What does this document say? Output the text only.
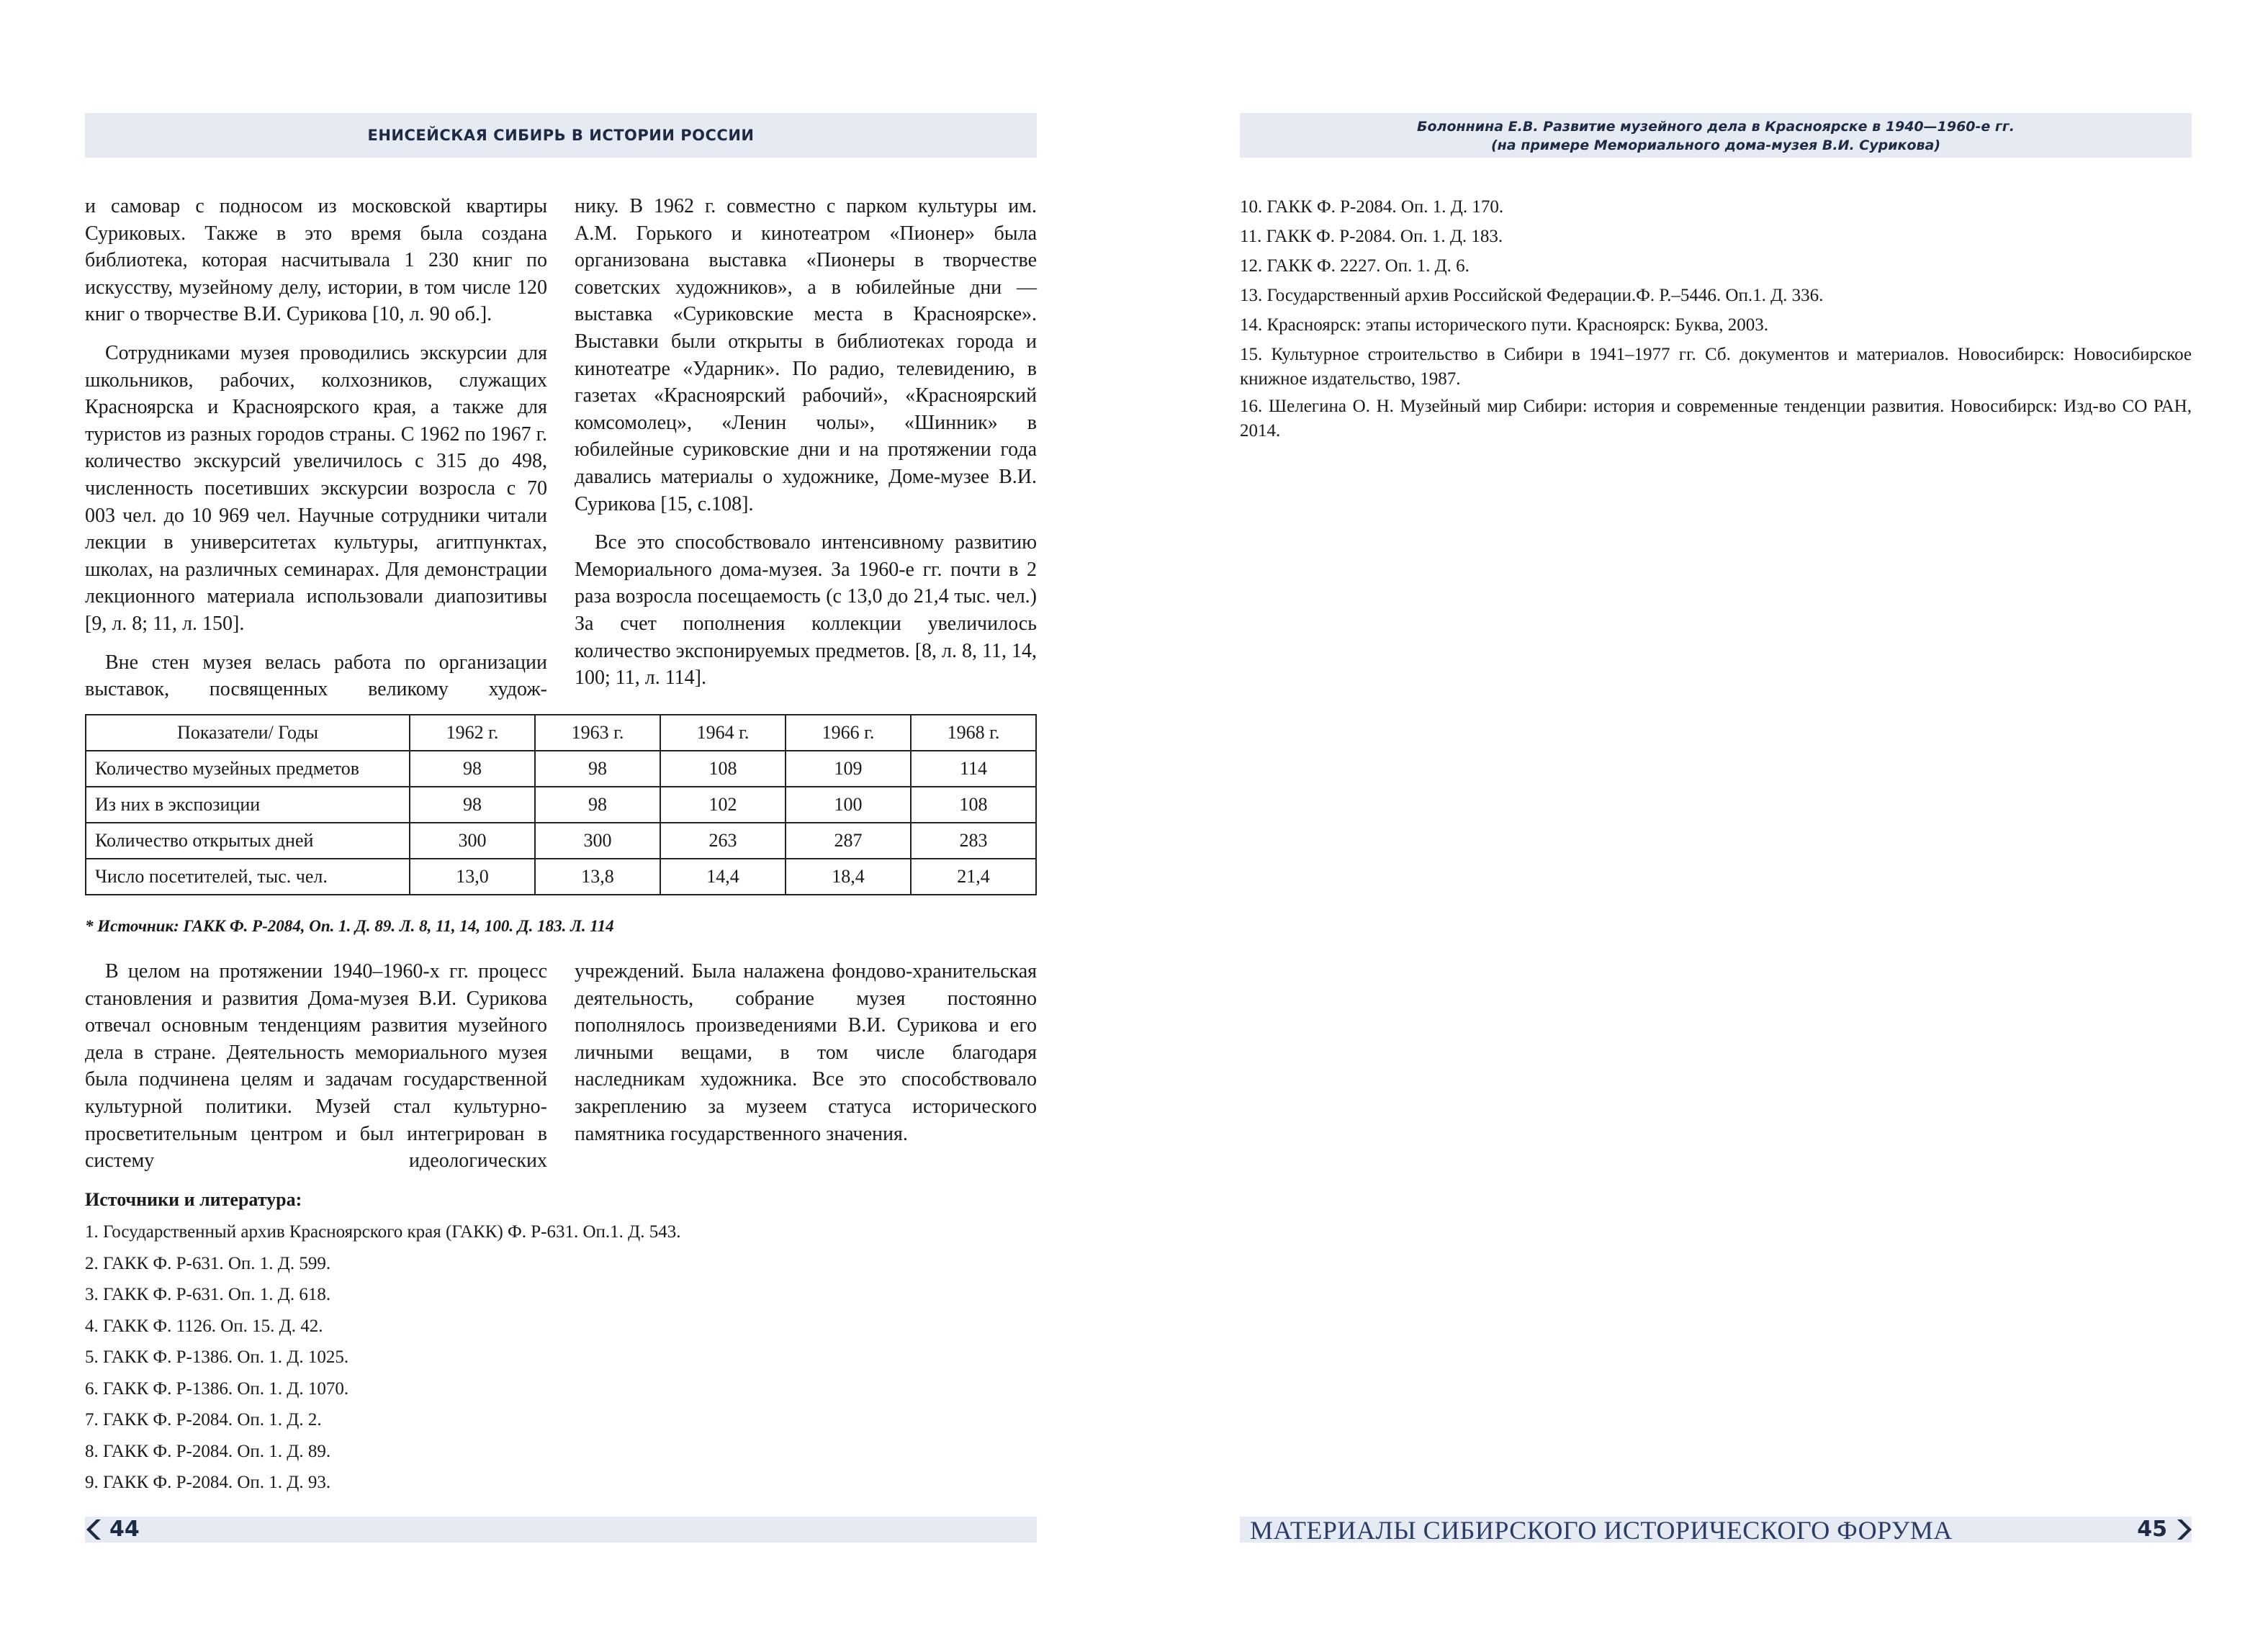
ЕНИСЕЙСКАЯ СИБИРЬ В ИСТОРИИ РОССИИ

и самовар с подносом из московской квартиры Суриковых. Также в это время была создана библиотека, которая насчитывала 1 230 книг по искусству, музейному делу, истории, в том числе 120 книг о творчестве В.И. Сурикова [10, л. 90 об.].

Сотрудниками музея проводились экскурсии для школьников, рабочих, колхозников, служащих Красноярска и Красноярского края, а также для туристов из разных городов страны. С 1962 по 1967 г. количество экскурсий увеличилось с 315 до 498, численность посетивших экскурсии возросла с 70 003 чел. до 10 969 чел. Научные сотрудники читали лекции в университетах культуры, агитпунктах, школах, на различных семинарах. Для демонстрации лекционного материала использовали диапозитивы [9, л. 8; 11, л. 150].

Вне стен музея велась работа по организации выставок, посвященных великому худож-

нику. В 1962 г. совместно с парком культуры им. А.М. Горького и кинотеатром «Пионер» была организована выставка «Пионеры в творчестве советских художников», а в юбилейные дни — выставка «Суриковские места в Красноярске». Выставки были открыты в библиотеках города и кинотеатре «Ударник». По радио, телевидению, в газетах «Красноярский рабочий», «Красноярский комсомолец», «Ленин чолы», «Шинник» в юбилейные суриковские дни и на протяжении года давались материалы о художнике, Доме-музее В.И. Сурикова [15, с.108].

Все это способствовало интенсивному развитию Мемориального дома-музея. За 1960-е гг. почти в 2 раза возросла посещаемость (с 13,0 до 21,4 тыс. чел.) За счет пополнения коллекции увеличилось количество экспонируемых предметов. [8, л. 8, 11, 14, 100; 11, л. 114].

Показатели/ Годы	1962 г.	1963 г.	1964 г.	1966 г.	1968 г.
Количество музейных предметов	98	98	108	109	114
Из них в экспозиции	98	98	102	100	108
Количество открытых дней	300	300	263	287	283
Число посетителей, тыс. чел.	13,0	13,8	14,4	18,4	21,4
* Источник: ГАКК Ф. Р-2084, Оп. 1. Д. 89. Л. 8, 11, 14, 100. Д. 183. Л. 114

В целом на протяжении 1940–1960-х гг. процесс становления и развития Дома-музея В.И. Сурикова отвечал основным тенденциям развития музейного дела в стране. Деятельность мемориального музея была подчинена целям и задачам государственной культурной политики. Музей стал культурно-просветительным центром и был интегрирован в систему идеологических

учреждений. Была налажена фондово-хранительская деятельность, собрание музея постоянно пополнялось произведениями В.И. Сурикова и его личными вещами, в том числе благодаря наследникам художника. Все это способствовало закреплению за музеем статуса исторического памятника государственного значения.

Источники и литература:
1. Государственный архив Красноярского края (ГАКК) Ф. Р-631. Оп.1. Д. 543.
2. ГАКК Ф. Р-631. Оп. 1. Д. 599.
3. ГАКК Ф. Р-631. Оп. 1. Д. 618.
4. ГАКК Ф. 1126. Оп. 15. Д. 42.
5. ГАКК Ф. Р-1386. Оп. 1. Д. 1025.
6. ГАКК Ф. Р-1386. Оп. 1. Д. 1070.
7. ГАКК Ф. Р-2084. Оп. 1. Д. 2.
8. ГАКК Ф. Р-2084. Оп. 1. Д. 89.
9. ГАКК Ф. Р-2084. Оп. 1. Д. 93.
44
Болоннина Е.В. Развитие музейного дела в Красноярске в 1940—1960-е гг.
(на примере Мемориального дома-музея В.И. Сурикова)
10. ГАКК Ф. Р-2084. Оп. 1. Д. 170.
11. ГАКК Ф. Р-2084. Оп. 1. Д. 183.
12. ГАКК Ф. 2227. Оп. 1. Д. 6.
13. Государственный архив Российской Федерации.Ф. Р.–5446. Оп.1. Д. 336.
14. Красноярск: этапы исторического пути. Красноярск: Буква, 2003.
15. Культурное строительство в Сибири в 1941–1977 гг. Сб. документов и материалов. Новосибирск: Новосибирское книжное издательство, 1987.
16. Шелегина О. Н. Музейный мир Сибири: история и современные тенденции развития. Новосибирск: Изд-во СО РАН, 2014.
МАТЕРИАЛЫ СИБИРСКОГО ИСТОРИЧЕСКОГО ФОРУМА	45
